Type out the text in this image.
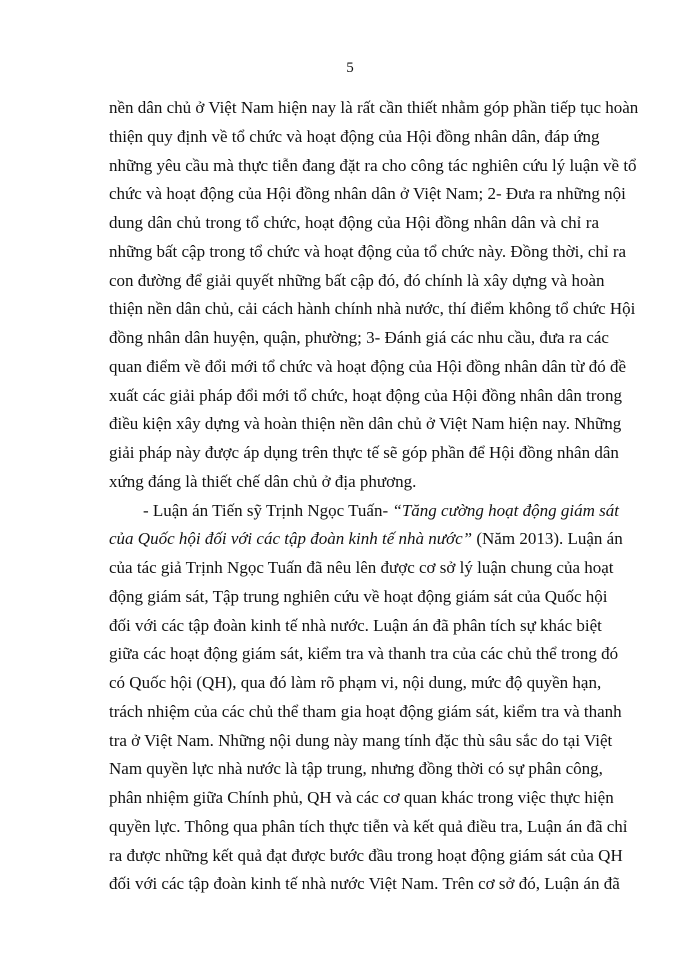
5
nền dân chủ ở Việt Nam hiện nay là rất cần thiết nhằm góp phần tiếp tục hoàn
thiện quy định về tổ chức và hoạt động của Hội đồng nhân dân, đáp ứng
những yêu cầu mà thực tiễn đang đặt ra cho công tác nghiên cứu lý luận về tổ
chức và hoạt động của Hội đồng nhân dân ở Việt Nam; 2- Đưa ra những nội
dung dân chủ trong tổ chức, hoạt động của Hội đồng nhân dân và chỉ ra
những bất cập trong tổ chức và hoạt động của tổ chức này. Đồng thời, chỉ ra
con đường để giải quyết những bất cập đó, đó chính là xây dựng và hoàn
thiện nền dân chủ, cải cách hành chính nhà nước, thí điểm không tổ chức Hội
đồng nhân dân huyện, quận, phường; 3- Đánh giá các nhu cầu, đưa ra các
quan điểm về đổi mới tổ chức và hoạt động của Hội đồng nhân dân từ đó đề
xuất các giải pháp đổi mới tổ chức, hoạt động của Hội đồng nhân dân trong
điều kiện xây dựng và hoàn thiện nền dân chủ ở Việt Nam hiện nay. Những
giải pháp này được áp dụng trên thực tế sẽ góp phần để Hội đồng nhân dân
xứng đáng là thiết chế dân chủ ở địa phương.
- Luận án Tiến sỹ Trịnh Ngọc Tuấn- “Tăng cường hoạt động giám sát
của Quốc hội đối với các tập đoàn kinh tế nhà nước” (Năm 2013). Luận án
của tác giả Trịnh Ngọc Tuấn đã nêu lên được cơ sở lý luận chung của hoạt
động giám sát, Tập trung nghiên cứu về hoạt động giám sát của Quốc hội
đối với các tập đoàn kinh tế nhà nước. Luận án đã phân tích sự khác biệt
giữa các hoạt động giám sát, kiểm tra và thanh tra của các chủ thể trong đó
có Quốc hội (QH), qua đó làm rõ phạm vi, nội dung, mức độ quyền hạn,
trách nhiệm của các chủ thể tham gia hoạt động giám sát, kiểm tra và thanh
tra ở Việt Nam. Những nội dung này mang tính đặc thù sâu sắc do tại Việt
Nam quyền lực nhà nước là tập trung, nhưng đồng thời có sự phân công,
phân nhiệm giữa Chính phủ, QH và các cơ quan khác trong việc thực hiện
quyền lực. Thông qua phân tích thực tiễn và kết quả điều tra, Luận án đã chỉ
ra được những kết quả đạt được bước đầu trong hoạt động giám sát của QH
đối với các tập đoàn kinh tế nhà nước Việt Nam. Trên cơ sở đó, Luận án đã
